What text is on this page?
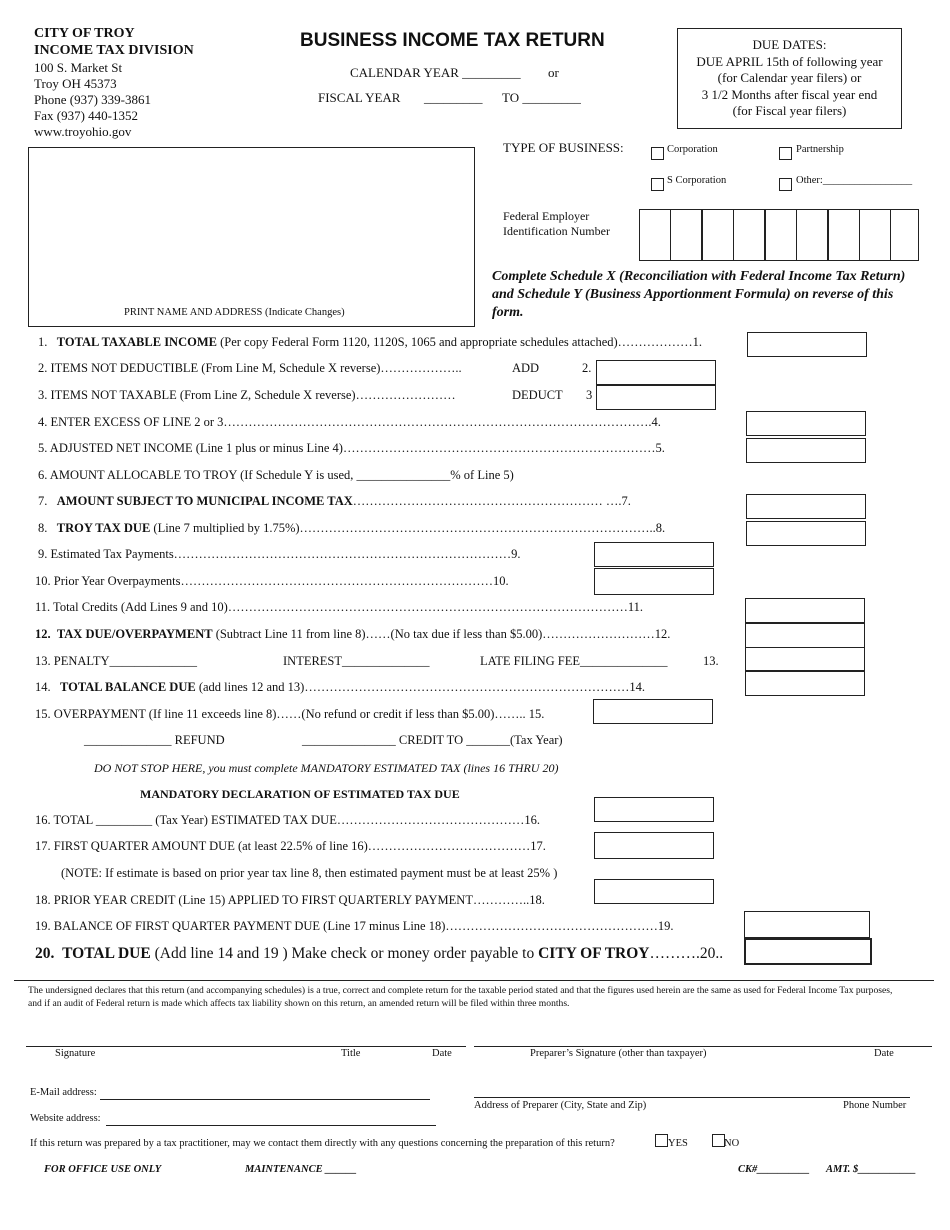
CITY OF TROY
INCOME TAX DIVISION
100 S. Market St
Troy OH 45373
Phone (937) 339-3861
Fax (937) 440-1352
www.troyohio.gov
BUSINESS INCOME TAX RETURN
CALENDAR YEAR _________ or
FISCAL YEAR _________ TO _________
DUE DATES:
DUE APRIL 15th of following year
(for Calendar year filers) or
3 1/2 Months after fiscal year end
(for Fiscal year filers)
PRINT NAME AND ADDRESS (Indicate Changes)
TYPE OF BUSINESS:	Corporation	Partnership
S Corporation	Other:_________________
Federal Employer
Identification Number
Complete Schedule X (Reconciliation with Federal Income Tax Return) and Schedule Y (Business Apportionment Formula) on reverse of this form.
1. TOTAL TAXABLE INCOME (Per copy Federal Form 1120, 1120S, 1065 and appropriate schedules attached)………………1.
2. ITEMS NOT DEDUCTIBLE (From Line M, Schedule X reverse)………………..	ADD	2.
3. ITEMS NOT TAXABLE (From Line Z, Schedule X reverse)……………………	DEDUCT 3
4. ENTER EXCESS OF LINE 2 or 3………………………………………………………………………………………….4.
5. ADJUSTED NET INCOME (Line 1 plus or minus Line 4)…………………………………………………………………5.
6. AMOUNT ALLOCABLE TO TROY (If Schedule Y is used, _______________% of Line 5)
7. AMOUNT SUBJECT TO MUNICIPAL INCOME TAX…………………………………………………… ….7.
8. TROY TAX DUE (Line 7 multiplied by 1.75%)…………………………………………………………………………..8.
9. Estimated Tax Payments………………………………………………………………………9.
10. Prior Year Overpayments…………………………………………………………………10.
11. Total Credits (Add Lines 9 and 10)……………………………………………………………………………………11.
12. TAX DUE/OVERPAYMENT (Subtract Line 11 from line 8)……(No tax due if less than $5.00)………………………12.
13. PENALTY______________	INTEREST______________	LATE FILING FEE______________	13.
14. TOTAL BALANCE DUE (add lines 12 and 13)……………………………………………………………………14.
15. OVERPAYMENT (If line 11 exceeds line 8)……(No refund or credit if less than $5.00)…….. 15.
______________ REFUND	_______________ CREDIT TO _______(Tax Year)
DO NOT STOP HERE, you must complete MANDATORY ESTIMATED TAX (lines 16 THRU 20)
MANDATORY DECLARATION OF ESTIMATED TAX DUE
16. TOTAL _________ (Tax Year) ESTIMATED TAX DUE………………………………………16.
17. FIRST QUARTER AMOUNT DUE (at least 22.5% of line 16)…………………………………17.
(NOTE: If estimate is based on prior year tax line 8, then estimated payment must be at least 25% )
18. PRIOR YEAR CREDIT (Line 15) APPLIED TO FIRST QUARTERLY PAYMENT…………..18.
19. BALANCE OF FIRST QUARTER PAYMENT DUE (Line 17 minus Line 18)……………………………………………19.
20. TOTAL DUE (Add line 14 and 19 ) Make check or money order payable to CITY OF TROY……….20..
The undersigned declares that this return (and accompanying schedules) is a true, correct and complete return for the taxable period stated and that the figures used herein are the same as used for Federal Income Tax purposes, and if an audit of Federal return is made which affects tax liability shown on this return, an amended return will be filed within three months.
Signature	Title	Date	Preparer’s Signature (other than taxpayer)	Date
E-Mail address:
Website address:
Address of Preparer (City, State and Zip)	Phone Number
If this return was prepared by a tax practitioner, may we contact them directly with any questions concerning the preparation of this return?	YES	NO
FOR OFFICE USE ONLY	MAINTENANCE ______	CK#__________ AMT. $___________
